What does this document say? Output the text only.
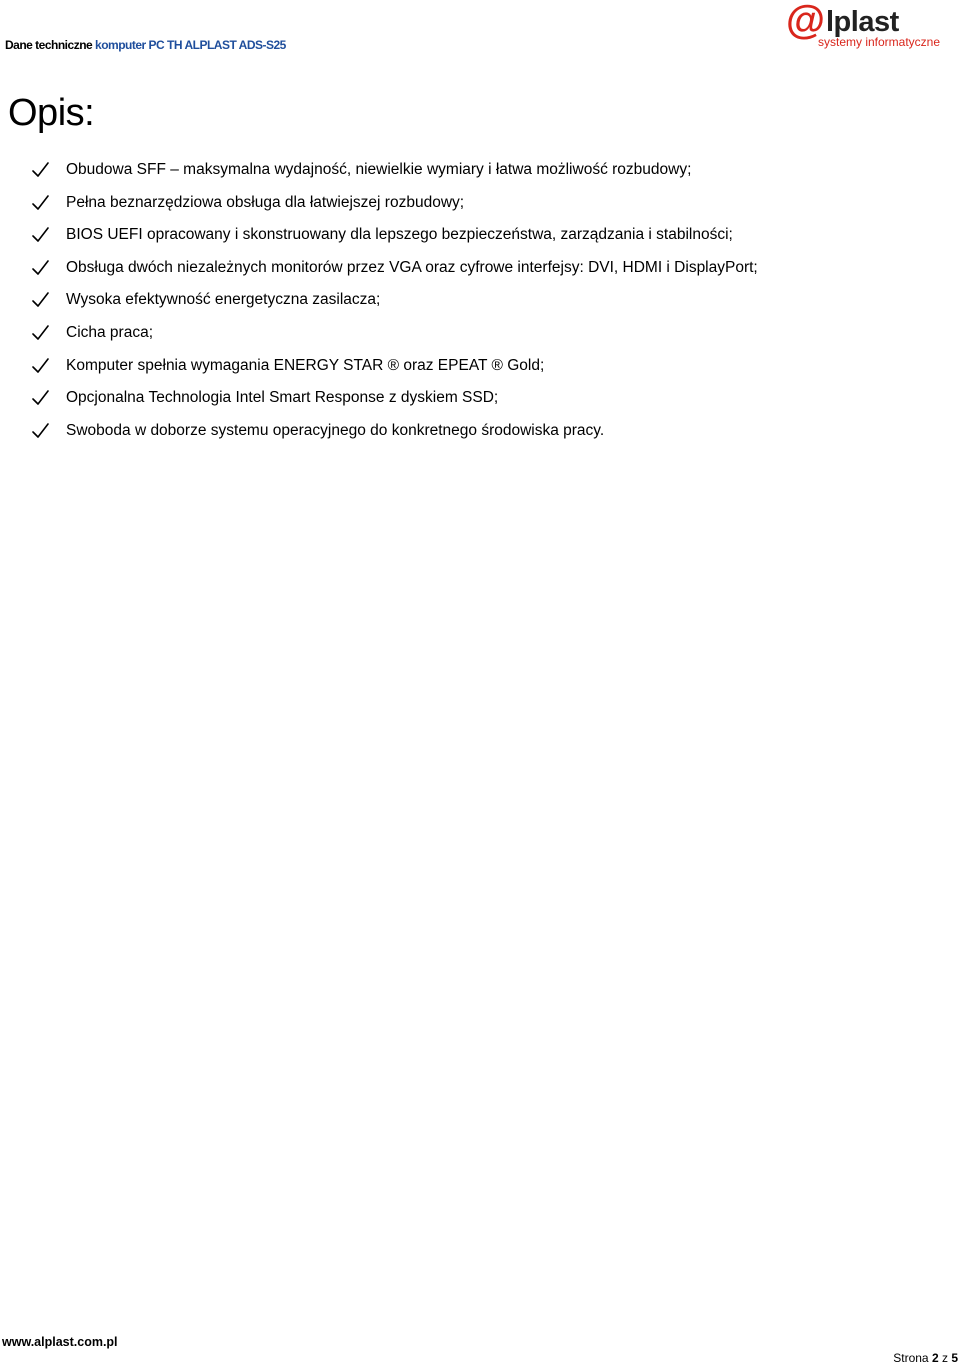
Dane techniczne komputer PC TH ALPLAST ADS-S25
@ lplast
systemy informatyczne
Opis:
Obudowa SFF – maksymalna wydajność, niewielkie wymiary i łatwa możliwość rozbudowy;
Pełna beznarzędziowa obsługa dla łatwiejszej rozbudowy;
BIOS UEFI opracowany i skonstruowany dla lepszego bezpieczeństwa, zarządzania i stabilności;
Obsługa dwóch niezależnych monitorów przez VGA oraz cyfrowe interfejsy: DVI, HDMI i DisplayPort;
Wysoka efektywność energetyczna zasilacza;
Cicha praca;
Komputer spełnia wymagania ENERGY STAR ® oraz EPEAT ® Gold;
Opcjonalna Technologia Intel Smart Response z dyskiem SSD;
Swoboda w doborze systemu operacyjnego do konkretnego środowiska pracy.
www.alplast.com.pl
Strona 2 z 5
